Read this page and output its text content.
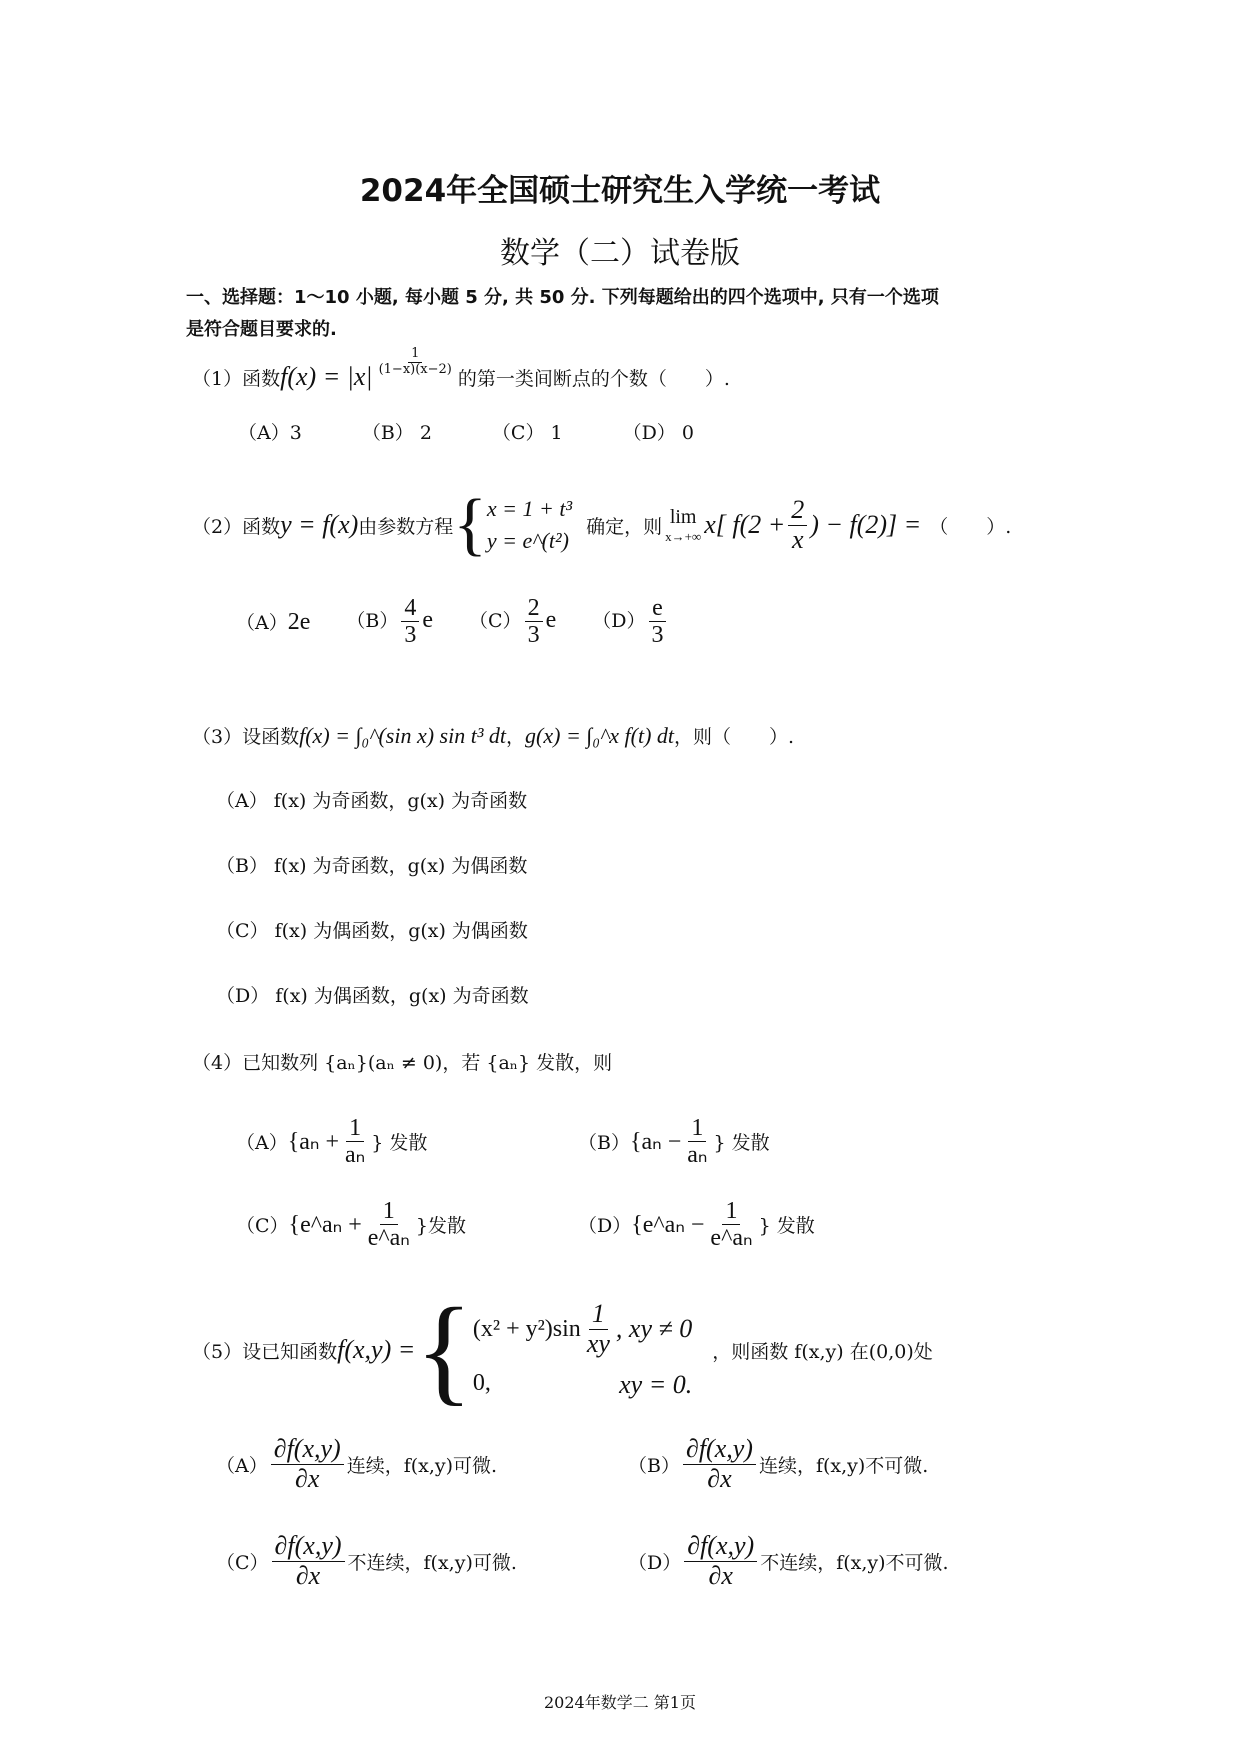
2024年全国硕士研究生入学统一考试
数学（二）试卷版
一、选择题：1～10 小题, 每小题 5 分, 共 50 分. 下列每题给出的四个选项中, 只有一个选项
是符合题目要求的.
（1） 函数 $f(x) = |x| \frac{1}{(1-x)(x-2)}$
的第一类间断点的个数（　　）.
（A）3	（B） 2	（C） 1	（D） 0
（2） 函数 y = f(x) 由参数方程 { x = 1 + t³
y = e^(t²)
确定，则 lim
x→+∞ x[ $f(2 + \frac{2}{x}$ ) − f(2)] = （　　）.
（A）2e $(B) \frac{4}{3}$ e $(C) \frac{2}{3}$ e $(D) \frac{e}{3}$
（3） 设函数 f(x) = ∫₀^(sin x) sin t³ dt ， g(x) = ∫₀^x f(t) dt ，则（　　）.
（A） f(x) 为奇函数，g(x) 为奇函数
（B） f(x) 为奇函数，g(x) 为偶函数
（C） f(x) 为偶函数，g(x) 为偶函数
（D） f(x) 为偶函数，g(x) 为奇函数
（4） 已知数列 {aₙ}(aₙ ≠ 0)，若 {aₙ} 发散，则
（A） {$a_n + \frac{1}{\text{aₙ}}$ } 发散	（B） {$a_n - \frac{1}{\text{aₙ}}$ } 发散
（C） {e^aₙ + $\frac{1}{\text{e\textasciicircum{}aₙ}}$ }发散	（D） {e^aₙ − $\frac{1}{\text{e\textasciicircum{}aₙ}}$ } 发散
（5） 设已知函数 f(x,y) = { $(x^2 + y^2)\sin \frac{1}{xy}$ , xy ≠ 0
0,	xy = 0.
，则函数 f(x,y) 在(0,0)处
$(A) \frac{\partial f(x,y)}{\partial x}$ 连续，f(x,y)可微.	$(B) \frac{\partial f(x,y)}{\partial x}$ 连续，f(x,y)不可微.
$(C) \frac{\partial f(x,y)}{\partial x}$ 不连续，f(x,y)可微.	$(D) \frac{\partial f(x,y)}{\partial x}$ 不连续，f(x,y)不可微.
2024年数学二 第1页
